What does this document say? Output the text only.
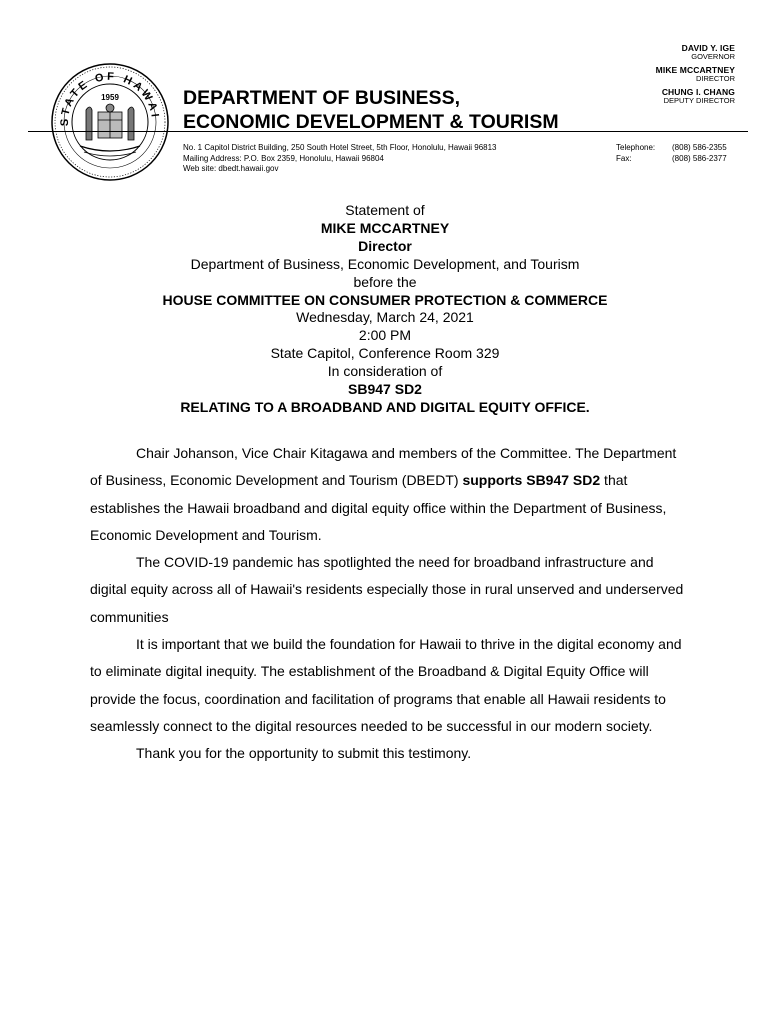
STATE OF HAWAI
1959
DAVID Y. IGE
GOVERNOR
MIKE MCCARTNEY
DIRECTOR
CHUNG I. CHANG
DEPUTY DIRECTOR
DEPARTMENT OF BUSINESS,
ECONOMIC DEVELOPMENT & TOURISM
No. 1 Capitol District Building, 250 South Hotel Street, 5th Floor, Honolulu, Hawaii 96813
Mailing Address: P.O. Box 2359, Honolulu, Hawaii 96804
Web site: dbedt.hawaii.gov
Telephone:	(808) 586-2355
Fax:	(808) 586-2377
Statement of
MIKE MCCARTNEY
Director
Department of Business, Economic Development, and Tourism
before the
HOUSE COMMITTEE ON CONSUMER PROTECTION & COMMERCE
Wednesday, March 24, 2021
2:00 PM
State Capitol, Conference Room 329
In consideration of
SB947 SD2
RELATING TO A BROADBAND AND DIGITAL EQUITY OFFICE.

Chair Johanson, Vice Chair Kitagawa and members of the Committee. The Department of Business, Economic Development and Tourism (DBEDT) supports SB947 SD2 that establishes the Hawaii broadband and digital equity office within the Department of Business, Economic Development and Tourism.

The COVID-19 pandemic has spotlighted the need for broadband infrastructure and digital equity across all of Hawaii's residents especially those in rural unserved and underserved communities

It is important that we build the foundation for Hawaii to thrive in the digital economy and to eliminate digital inequity. The establishment of the Broadband & Digital Equity Office will provide the focus, coordination and facilitation of programs that enable all Hawaii residents to seamlessly connect to the digital resources needed to be successful in our modern society.

Thank you for the opportunity to submit this testimony.
